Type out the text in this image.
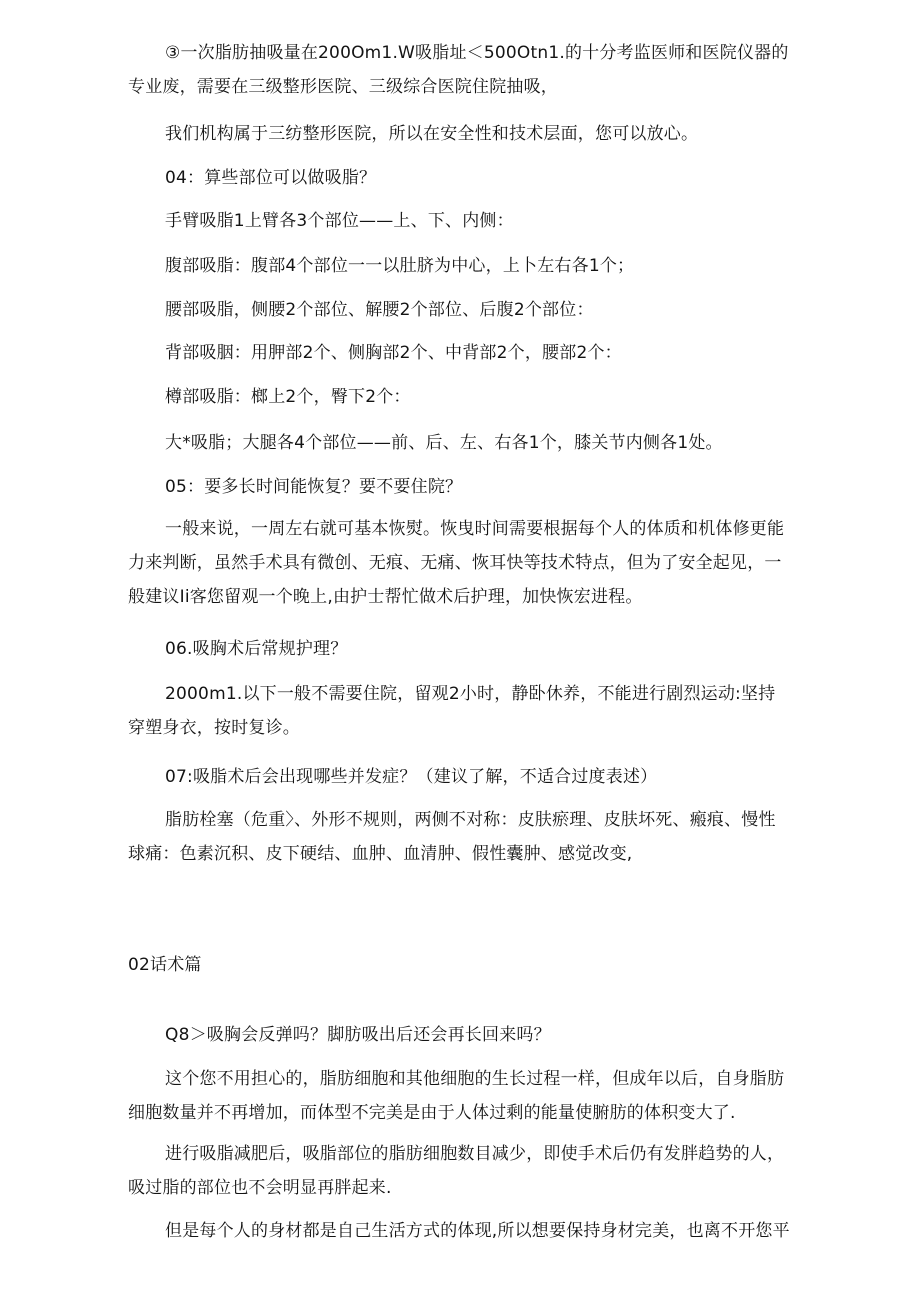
③一次脂肪抽吸量在200Om1.W吸脂址＜500Otn1.的十分考监医师和医院仪器的专业废，需要在三级整形医院、三级综合医院住院抽吸，

我们机构属于三纺整形医院，所以在安全性和技术层面，您可以放心。

04：算些部位可以做吸脂？

手臂吸脂1上臂各3个部位——上、下、内侧：

腹部吸脂：腹部4个部位一一以肚脐为中心，上卜左右各1个；

腰部吸脂，侧腰2个部位、解腰2个部位、后腹2个部位：

背部吸胭：用胛部2个、侧胸部2个、中背部2个，腰部2个：

樽部吸脂：榔上2个，臀下2个：

大*吸脂；大腿各4个部位——前、后、左、右各1个，膝关节内侧各1处。

05：要多长时间能恢复？要不要住院？

一般来说，一周左右就可基本恢熨。恢曳时间需要根据每个人的体质和机体修更能力来判断，虽然手术具有微创、无痕、无痛、恢耳快等技术特点，但为了安全起见，一般建议Ii客您留观一个晚上,由护士帮忙做术后护理，加快恢宏进程。

06.吸胸术后常规护理？

2000m1.以下一般不需要住院，留观2小时，静卧休养，不能进行剧烈运动:坚持穿塑身衣，按时复诊。

07:吸脂术后会出现哪些并发症？（建议了解，不适合过度表述）

脂肪栓塞（危重〉、外形不规则，两侧不对称：皮肤瘀理、皮肤坏死、瘢痕、慢性球痛：色素沉积、皮下硬结、血肿、血清肿、假性囊肿、感觉改变,

02话术篇

Q8＞吸胸会反弹吗？脚肪吸出后还会再长回来吗？

这个您不用担心的，脂肪细胞和其他细胞的生长过程一样，但成年以后，自身脂肪细胞数量并不再增加，而体型不完美是由于人体过剩的能量使腑肪的体积变大了.

进行吸脂减肥后，吸脂部位的脂肪细胞数目减少，即使手术后仍有发胖趋势的人，吸过脂的部位也不会明显再胖起来.

但是每个人的身材都是自己生活方式的体现,所以想要保持身材完美，也离不开您平
